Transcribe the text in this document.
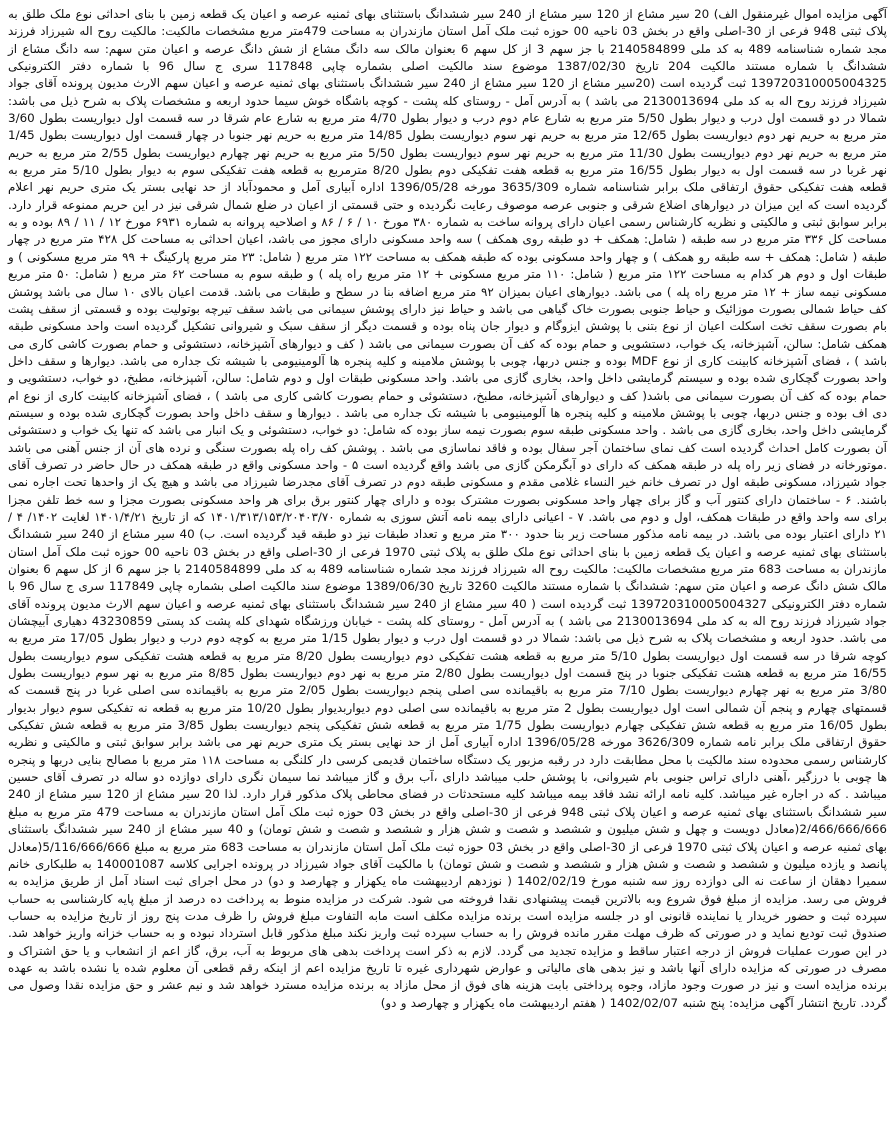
آگهی مزایده اموال غیرمنقول الف) 20 سیر مشاع از 120 سیر مشاع از 240 سیر ششدانگ باستثنای بهای ثمنیه عرصه و اعیان یک قطعه زمین با بنای احداثی نوع ملک طلق به پلاک ثبتی 948 فرعی از 30-اصلی واقع در بخش 03 ناحیه 00 حوزه ثبت ملک آمل استان مازندران به مساحت 479متر مربع مشخصات مالکیت: مالکیت روح اله شیرزاد فرزند مجد شماره شناسنامه 489 به کد ملی 2140584899 با جز سهم 3 از کل سهم 6 بعنوان مالک سه دانگ مشاع از شش دانگ عرصه و اعیان متن سهم: سه دانگ مشاع از ششدانگ با شماره مستند مالکیت 204 تاریخ 1387/02/30 موضوع سند مالکیت اصلی بشماره چاپی 117848 سری ج سال 96 با شماره دفتر الکترونیکی 139720310005004325 ثبت گردیده است (20سیر مشاع از 120 سیر مشاع از 240 سیر ششدانگ باستثنای بهای ثمنیه عرصه و اعیان سهم الارث مدیون پرونده آقای جواد شیرزاد فرزند روح اله به کد ملی 2130013694 می باشد ) به آدرس آمل - روستای کله پشت - کوچه باشگاه خوش سیما حدود اربعه و مشخصات پلاک به شرح ذیل می باشد: شمالا در دو قسمت اول درب و دیوار بطول 5/50 متر مربع به شارع عام دوم درب و دیوار بطول 4/70 متر مربع به شارع عام شرقا در سه قسمت اول دیواریست بطول 3/60 متر مربع به حریم نهر دوم دیواریست بطول 12/65 متر مربع به حریم نهر سوم دیواریست بطول 14/85 متر مربع به حریم نهر جنوبا در چهار قسمت اول دیواریست بطول 1/45 متر مربع به حریم نهر دوم دیواریست بطول 11/30 متر مربع به حریم نهر سوم دیواریست بطول 5/50 متر مربع به حریم نهر چهارم دیواریست بطول 2/55 متر مربع به حریم نهر غربا در سه قسمت اول به دیوار بطول 16/55 متر مربع به قطعه هفت تفکیکی دوم بطول 8/20 مترمربع به قطعه هفت تفکیکی سوم به دیوار بطول 5/10 متر مربع به قطعه هفت تفکیکی حقوق ارتفاقی ملک برابر شناسنامه شماره 3635/309 مورخه 1396/05/28 اداره آبیاری آمل و محمودآباد از حد نهایی بستر یک متری حریم نهر اعلام گردیده است که این میزان در دیوارهای اضلاع شرقی و جنوبی عرصه موصوف رعایت نگردیده و حتی قسمتی از اعیان در ضلع شمال شرقی نیز در این حریم ممنوعه قرار دارد. برابر سوابق ثبتی و مالکیتی و نظریه کارشناس رسمی اعیان دارای پروانه ساخت به شماره ۳۸۰ مورخ ۱۰ / ۶ / ۸۶ و اصلاحیه پروانه به شماره ۶۹۳۱ مورخ ۱۲ / ۱۱ / ۸۹ بوده و به مساحت کل ۳۳۶ متر مربع در سه طبقه ( شامل: همکف + دو طبقه روی همکف ) سه واحد مسکونی دارای مجوز می باشد، اعیان احداثی به مساحت کل ۴۲۸ متر مربع در چهار طبقه ( شامل: همکف + سه طبقه رو همکف ) و چهار واحد مسکونی بوده که طبقه همکف به مساحت ۱۲۲ متر مربع ( شامل: ۲۳ متر مربع پارکینگ + ۹۹ متر مربع مسکونی ) و طبقات اول و دوم هر کدام به مساحت ۱۲۲ متر مربع ( شامل: ۱۱۰ متر مربع مسکونی + ۱۲ متر مربع راه پله ) و طبقه سوم به مساحت ۶۲ متر مربع ( شامل: ۵۰ متر مربع مسکونی نیمه ساز + ۱۲ متر مربع راه پله ) می باشد. دیوارهای اعیان بمیزان ۹۲ متر مربع اضافه بنا در سطح و طبقات می باشد. قدمت اعیان بالای ۱۰ سال می باشد پوشش کف حیاط شمالی بصورت موزائیک و حیاط جنوبی بصورت خاک گیاهی می باشد و حیاط نیز دارای پوشش سیمانی می باشد سقف تیرچه بوتولیت بوده و قسمتی از سقف پشت بام بصورت سقف تخت اسکلت اعیان از نوع بتنی با پوشش ایزوگام و دیوار جان پناه بوده و قسمت دیگر از سقف سبک و شیروانی تشکیل گردیده است واحد مسکونی طبقه همکف شامل: سالن، آشپزخانه، یک خواب، دستشویی و حمام بوده که کف آن بصورت سیمانی می باشد ( کف و دیوارهای آشپزخانه، دستشوئی و حمام بصورت کاشی کاری می باشد ) ، فضای آشپزخانه کابینت کاری از نوع MDF بوده و جنس دربها، چوبی با پوشش ملامینه و کلیه پنجره ها آلومینیومی با شیشه تک جداره می باشد. دیوارها و سقف داخل واحد بصورت گچکاری شده بوده و سیستم گرمایشی داخل واحد، بخاری گازی می باشد. واحد مسکونی طبقات اول و دوم شامل: سالن، آشپزخانه، مطبخ، دو خواب، دستشویی و حمام بوده که کف آن بصورت سیمانی می باشد( کف و دیوارهای آشپزخانه، مطبخ، دستشوئی و حمام بصورت کاشی کاری می باشد ) ، فضای آشپزخانه کابینت کاری از نوع ام دی اف بوده و جنس دربها، چوبی با پوشش ملامینه و کلیه پنجره ها آلومینیومی با شیشه تک جداره می باشد . دیوارها و سقف داخل واحد بصورت گچکاری شده بوده و سیستم گرمایشی داخل واحد، بخاری گازی می باشد . واحد مسکونی طبقه سوم بصورت نیمه ساز بوده که شامل: دو خواب، دستشوئی و یک انبار می باشد که تنها یک خواب و دستشوئی آن بصورت کامل احداث گردیده است کف نمای ساختمان آجر سفال بوده و فاقد نماسازی می باشد . پوشش کف راه پله بصورت سنگی و نرده های آن از جنس آهنی می باشد .موتورخانه در فضای زیر راه پله در طبقه همکف که دارای دو آبگرمکن گازی می باشد واقع گردیده است ۵ - واحد مسکونی واقع در طبقه همکف در حال حاضر در تصرف آقای جواد شیرزاد، مسکونی طبقه اول در تصرف خانم خیر النساء غلامی مقدم و مسکونی طبقه دوم در تصرف آقای مجدرضا شیرزاد می باشد و هیچ یک از واحدها تحت اجاره نمی باشند. ۶ - ساختمان دارای کنتور آب و گاز برای چهار واحد مسکونی بصورت مشترک بوده و دارای چهار کنتور برق برای هر واحد مسکونی بصورت مجزا و سه خط تلفن مجزا برای سه واحد واقع در طبقات همکف، اول و دوم می باشد. ۷ - اعیانی دارای بیمه نامه آتش سوزی به شماره ۱۴۰۱/۳۱۳/۱۵۳/۲۰۴۰۳/۷۰ که از تاریخ ۱۴۰۱/۴/۲۱ لغایت ۱۴۰۲/ ۴ / ۲۱ دارای اعتبار بوده می باشد. در بیمه نامه مذکور مساحت زیر بنا حدود ۳۰۰ متر مربع و تعداد طبقات نیز دو طبقه قید گردیده است. ب) 40 سیر مشاع از 240 سیر ششدانگ باستثنای بهای ثمنیه عرصه و اعیان یک قطعه زمین با بنای احداثی نوع ملک طلق به پلاک ثبتی 1970 فرعی از 30-اصلی واقع در بخش 03 ناحیه 00 حوزه ثبت ملک آمل استان مازندران به مساحت 683 متر مربع مشخصات مالکیت: مالکیت روح اله شیرزاد فرزند مجد شماره شناسنامه 489 به کد ملی 2140584899 با جز سهم 6 از کل سهم 6 بعنوان مالک شش دانگ عرصه و اعیان متن سهم: ششدانگ با شماره مستند مالکیت 3260 تاریخ 1389/06/30 موضوع سند مالکیت اصلی بشماره چاپی 117849 سری ج سال 96 با شماره دفتر الکترونیکی 139720310005004327 ثبت گردیده است ( 40 سیر مشاع از 240 سیر ششدانگ باستثنای بهای ثمنیه عرصه و اعیان سهم الارث مدیون پرونده آقای جواد شیرزاد فرزند روح اله به کد ملی 2130013694 می باشد ) به آدرس آمل - روستای کله پشت - خیابان ورزشگاه شهدای کله پشت کد پستی 43230859 دهیاری آبیچشان می باشد. حدود اربعه و مشخصات پلاک به شرح ذیل می باشد: شمالا در دو قسمت اول درب و دیوار بطول 1/15 متر مربع به کوچه دوم درب و دیوار بطول 17/05 متر مربع به کوچه شرقا در سه قسمت اول دیواریست بطول 5/10 متر مربع به قطعه هشت تفکیکی دوم دیواریست بطول 8/20 متر مربع به قطعه هشت تفکیکی سوم دیواریست بطول 16/55 متر مربع به قطعه هشت تفکیکی جنوبا در پنج قسمت اول دیواریست بطول 2/80 متر مربع به نهر دوم دیواریست بطول 8/85 متر مربع به نهر سوم دیواریست بطول 3/80 متر مربع به نهر چهارم دیواریست بطول 7/10 متر مربع به باقیمانده سی اصلی پنجم دیواریست بطول 2/05 متر مربع به باقیمانده سی اصلی غربا در پنج قسمت که قسمتهای چهارم و پنجم آن شمالی است اول دیواریست بطول 2 متر مربع به باقیمانده سی اصلی دوم دیواربدیوار بطول 10/20 متر مربع به قطعه نه تفکیکی سوم دیوار بدیوار بطول 16/05 متر مربع به قطعه شش تفکیکی چهارم دیواریست بطول 1/75 متر مربع به قطعه شش تفکیکی پنجم دیواریست بطول 3/85 متر مربع به قطعه شش تفکیکی حقوق ارتفاقی ملک برابر نامه شماره 3626/309 مورخه 1396/05/28 اداره آبیاری آمل از حد نهایی بستر یک متری حریم نهر می باشد برابر سوابق ثبتی و مالکیتی و نظریه کارشناس رسمی محدوده سند مالکیت با محل مطابقت دارد در رقبه مزبور یک دستگاه ساختمان قدیمی کرسی دار کلنگی به مساحت ۱۱۸ متر مربع با مصالح بنایی دربها و پنجره ها چوبی با درزگیر ،آهنی دارای تراس جنوبی بام شیروانی، با پوشش حلب میباشد دارای ،آب برق و گاز میباشد نما سیمان نگری دارای دوازده دو ساله در تصرف آقای حسین میباشد . که در اجاره غیر میباشد. کلیه نامه ارائه نشد فاقد بیمه میباشد کلیه مستحدثات در فضای محاطی پلاک مذکور قرار دارد. لذا 20 سیر مشاع از 120 سیر مشاع از 240 سیر ششدانگ باستثنای بهای ثمنیه عرصه و اعیان پلاک ثبتی 948 فرعی از 30-اصلی واقع در بخش 03 حوزه ثبت ملک آمل استان مازندران به مساحت 479 متر مربع به مبلغ 2/466/666/666(معادل دویست و چهل و شش میلیون و ششصد و شصت و شش هزار و ششصد و شصت و شش تومان) و 40 سیر مشاع از 240 سیر ششدانگ باستثنای بهای ثمنیه عرصه و اعیان پلاک ثبتی 1970 فرعی از 30-اصلی واقع در بخش 03 حوزه ثبت ملک آمل استان مازندران به مساحت 683 متر مربع به مبلغ 5/116/666/666(معادل پانصد و یازده میلیون و ششصد و شصت و شش هزار و ششصد و شصت و شش تومان) با مالکیت آقای جواد شیرزاد در پرونده اجرایی کلاسه 140001087 به طلبکاری خانم سمیرا دهقان از ساعت نه الی دوازده روز سه شنبه مورخ 1402/02/19 ( نوزدهم اردیبهشت ماه یکهزار و چهارصد و دو) در محل اجرای ثبت اسناد آمل از طریق مزایده به فروش می رسد. مزایده از مبلغ فوق شروع وبه بالاترین قیمت پیشنهادی نقدا فروخته می شود. شرکت در مزایده منوط به پرداخت ده درصد از مبلغ پایه کارشناسی به حساب سپرده ثبت و حضور خریدار یا نماینده قانونی او در جلسه مزایده است برنده مزایده مکلف است مابه التفاوت مبلغ فروش را ظرف مدت پنج روز از تاریخ مزایده به حساب صندوق ثبت تودیع نماید و در صورتی که ظرف مهلت مقرر مانده فروش را به حساب سپرده ثبت واریز نکند مبلغ مذکور قابل استرداد نبوده و به حساب خزانه واریز خواهد شد. در این صورت عملیات فروش از درجه اعتبار ساقط و مزایده تجدید می گردد. لازم به ذکر است پرداخت بدهی های مربوط به آب، برق، گاز اعم از انشعاب و یا حق اشتراک و مصرف در صورتی که مزایده دارای آنها باشد و نیز بدهی های مالیاتی و عوارض شهرداری غیره تا تاریخ مزایده اعم از اینکه رقم قطعی آن معلوم شده یا نشده باشد به عهده برنده مزایده است و نیز در صورت وجود مازاد، وجوه پرداختی بابت هزینه های فوق از محل مازاد به برنده مزایده مسترد خواهد شد و نیم عشر و حق مزایده نقدا وصول می گردد. تاریخ انتشار آگهی مزایده: پنج شنبه 1402/02/07 ( هفتم اردیبهشت ماه یکهزار و چهارصد و دو)
